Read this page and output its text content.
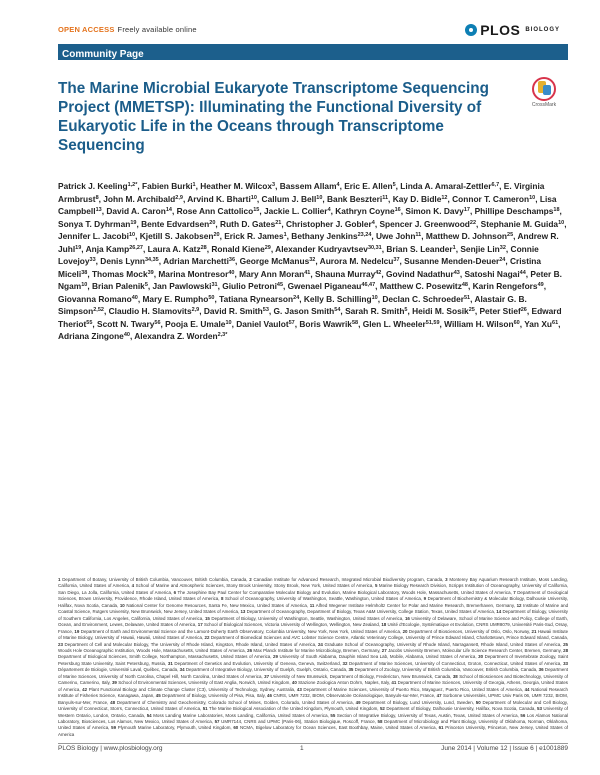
OPEN ACCESS Freely available online	PLOS BIOLOGY
Community Page
The Marine Microbial Eukaryote Transcriptome Sequencing Project (MMETSP): Illuminating the Functional Diversity of Eukaryotic Life in the Oceans through Transcriptome Sequencing
CrossMark
Patrick J. Keeling$^{1,2*}$, Fabien Burki$^1$, Heather M. Wilcox$^3$, Bassem Allam$^4$, Eric E. Allen$^5$, Linda A. Amaral-Zettler$^{6,7}$, E. Virginia Armbrust$^8$, John M. Archibald$^{2,9}$, Arvind K. Bharti$^{10}$, Callum J. Bell$^{10}$, Bank Beszteri$^{11}$, Kay D. Bidle$^{12}$, Connor T. Cameron$^{10}$, Lisa Campbell$^{13}$, David A. Caron$^{14}$, Rose Ann Cattolico$^{15}$, Jackie L. Collier$^4$, Kathryn Coyne$^{16}$, Simon K. Davy$^{17}$, Phillipe Deschamps$^{18}$, Sonya T. Dyhrman$^{19}$, Bente Edvardsen$^{20}$, Ruth D. Gates$^{21}$, Christopher J. Gobler$^4$, Spencer J. Greenwood$^{22}$, Stephanie M. Guida$^{10}$, Jennifer L. Jacobi$^{10}$, Kjetill S. Jakobsen$^{20}$, Erick R. James$^1$, Bethany Jenkins$^{23,24}$, Uwe John$^{11}$, Matthew D. Johnson$^{25}$, Andrew R. Juhl$^{19}$, Anja Kamp$^{26,27}$, Laura A. Katz$^{28}$, Ronald Kiene$^{29}$, Alexander Kudryavtsev$^{30,31}$, Brian S. Leander$^1$, Senjie Lin$^{32}$, Connie Lovejoy$^{33}$, Denis Lynn$^{34,35}$, Adrian Marchetti$^{36}$, George McManus$^{32}$, Aurora M. Nedelcu$^{37}$, Susanne Menden-Deuer$^{24}$, Cristina Miceli$^{38}$, Thomas Mock$^{39}$, Marina Montresor$^{40}$, Mary Ann Moran$^{41}$, Shauna Murray$^{42}$, Govind Nadathur$^{43}$, Satoshi Nagai$^{44}$, Peter B. Ngam$^{10}$, Brian Palenik$^5$, Jan Pawlowski$^{31}$, Giulio Petroni$^{45}$, Gwenael Piganeau$^{46,47}$, Matthew C. Posewitz$^{48}$, Karin Rengefors$^{49}$, Giovanna Romano$^{40}$, Mary E. Rumpho$^{50}$, Tatiana Rynearson$^{24}$, Kelly B. Schilling$^{10}$, Declan C. Schroeder$^{51}$, Alastair G. B. Simpson$^{2,52}$, Claudio H. Slamovits$^{2,9}$, David R. Smith$^{53}$, G. Jason Smith$^{54}$, Sarah R. Smith$^5$, Heidi M. Sosik$^{25}$, Peter Stief$^{26}$, Edward Theriot$^{55}$, Scott N. Twary$^{56}$, Pooja E. Umale$^{10}$, Daniel Vaulot$^{57}$, Boris Wawrik$^{58}$, Glen L. Wheeler$^{51,59}$, William H. Wilson$^{60}$, Yan Xu$^{61}$, Adriana Zingone$^{40}$, Alexandra Z. Worden$^{2,3*}$
1 Department of Botany, University of British Columbia, Vancouver, British Columbia, Canada, 2 Canadian Institute for Advanced Research, Integrated Microbial Biodiversity program, Canada, 3 Monterey Bay Aquarium Research Institute, Moss Landing, California, United States of America, 4 School of Marine and Atmospheric Sciences, Stony Brook University, Stony Brook, New York, United States of America, 5 Marine Biology Research Division, Scripps Institution of Oceanography, University of California, San Diego, La Jolla, California, United States of America, 6 The Josephine Bay Paul Center for Comparative Molecular Biology and Evolution, Marine Biological Laboratory, Woods Hole, Massachusetts, United States of America, 7 Department of Geological Sciences, Brown University, Providence, Rhode Island, United States of America, 8 School of Oceanography, University of Washington, Seattle, Washington, United States of America, 9 Department of Biochemistry & Molecular Biology, Dalhousie University, Halifax, Nova Scotia, Canada, 10 National Center for Genome Resources, Santa Fe, New Mexico, United States of America, 11 Alfred Wegener Institute Helmholtz Center for Polar and Marine Research, Bremerhaven, Germany, 12 Institute of Marine and Coastal Science, Rutgers University, New Brunswick, New Jersey, United States of America, 13 Department of Oceanography, Department of Biology, Texas A&M University, College Station, Texas, United States of America, 14 Department of Biology, University of Southern California, Los Angeles, California, United States of America, 15 Department of Biology, University of Washington, Seattle, Washington, United States of America, 16 University of Delaware, School of Marine Science and Policy, College of Earth, Ocean, and Environment, Lewes, Delaware, United States of America, 17 School of Biological Sciences, Victoria University of Wellington, Wellington, New Zealand, 18 Unité d'Ecologie, Systématique et Evolution, CNRS UMR8079, Université Paris-Sud, Orsay, France, 19 Department of Earth and Environmental Science and the Lamont-Doherty Earth Observatory, Columbia University, New York, New York, United States of America, 20 Department of Biosciences, University of Oslo, Oslo, Norway, 21 Hawaii Institute of Marine Biology, University of Hawaii, Hawaii, United States of America, 22 Department of Biomedical Sciences and AVC Lobster Science Centre, Atlantic Veterinary College, University of Prince Edward Island, Charlottetown, Prince Edward Island, Canada, 23 Department of Cell and Molecular Biology, The University of Rhode Island, Kingston, Rhode Island, United States of America, 24 Graduate School of Oceanography, University of Rhode Island, Narragansett, Rhode Island, United States of America, 25 Woods Hole Oceanographic Institution, Woods Hole, Massachusetts, United States of America, 26 Max Planck Institute for Marine Microbiology, Bremen, Germany, 27 Jacobs University Bremen, Molecular Life Science Research Center, Bremen, Germany, 28 Department of Biological Sciences, Smith College, Northampton, Massachusetts, United States of America, 29 University of South Alabama, Dauphin Island Sea Lab, Mobile, Alabama, United States of America, 30 Department of Invertebrate Zoology, Saint Petersburg State University, Saint Petersburg, Russia, 31 Department of Genetics and Evolution, University of Geneva, Geneva, Switzerland, 32 Department of Marine Sciences, University of Connecticut, Groton, Connecticut, United States of America, 33 Département de Biologie, Université Laval, Québec, Canada, 34 Department of Integrative Biology, University of Guelph, Guelph, Ontario, Canada, 35 Department of Zoology, University of British Columbia, Vancouver, British Columbia, Canada, 36 Department of Marine Sciences, University of North Carolina, Chapel Hill, North Carolina, United States of America, 37 University of New Brunswick, Department of Biology, Fredericton, New Brunswick, Canada, 38 School of Biosciences and Biotechnology, University of Camerino, Camerino, Italy, 39 School of Environmental Sciences, University of East Anglia, Norwich, United Kingdom, 40 Stazione Zoologica Anton Dohrn, Naples, Italy, 41 Department of Marine Sciences, University of Georgia, Athens, Georgia, United States of America, 42 Plant Functional Biology and Climate Change Cluster (C3), University of Technology, Sydney, Australia, 43 Department of Marine Sciences, University of Puerto Rico, Mayaguez, Puerto Rico, United States of America, 44 National Research Institute of Fisheries Science, Kanagawa, Japan, 45 Department of Biology, University of Pisa, Pisa, Italy, 46 CNRS, UMR 7232, BIOM, Observatoire Océanologique, Banyuls-sur-Mer, France, 47 Sorbonne Universités, UPMC Univ Paris 06, UMR 7232, BIOM, Banyuls-sur-Mer, France, 48 Department of Chemistry and Geochemistry, Colorado School of Mines, Golden, Colorado, United States of America, 49 Department of Biology, Lund University, Lund, Sweden, 50 Department of Molecular and Cell Biology, University of Connecticut, Storrs, Connecticut, United States of America, 51 The Marine Biological Association of the United Kingdom, Plymouth, United Kingdom, 52 Department of Biology, Dalhousie University, Halifax, Nova Scotia, Canada, 53 University of Western Ontario, London, Ontario, Canada, 54 Moss Landing Marine Laboratories, Moss Landing, California, United States of America, 55 Section of Integrative Biology, University of Texas, Austin, Texas, United States of America, 56 Los Alamos National Laboratory, Biosciences, Los Alamos, New Mexico, United States of America, 57 UMR7144, CNRS and UPMC (Paris-06), Station Biologique, Roscoff, France, 58 Department of Microbiology and Plant Biology, University of Oklahoma, Norman, Oklahoma, United States of America, 59 Plymouth Marine Laboratory, Plymouth, United Kingdom, 60 NCMA, Bigelow Laboratory for Ocean Sciences, East Boothbay, Maine, United States of America, 61 Princeton University, Princeton, New Jersey, United States of America
PLOS Biology | www.plosbiology.org	1	June 2014 | Volume 12 | Issue 6 | e1001889
